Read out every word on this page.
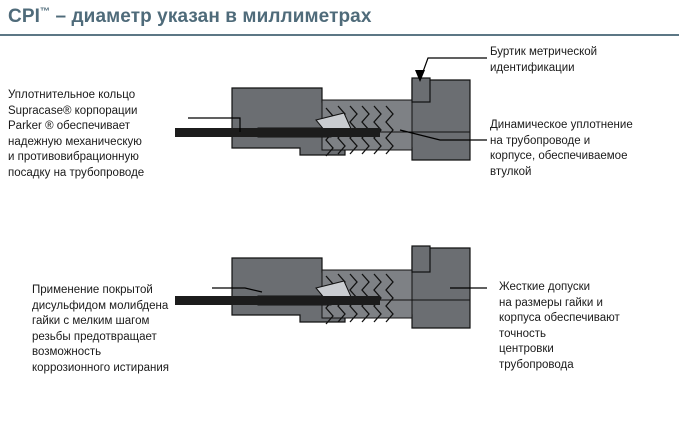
CPI™ – диаметр указан в миллиметрах
Уплотнительное кольцо
Supracase® корпорации
Parker ® обеспечивает
надежную механическую
и противовибрационную
посадку на трубопроводе
Буртик метрической
идентификации
Динамическое уплотнение
на трубопроводе и
корпусе, обеспечиваемое
втулкой
Применение покрытой
дисульфидом молибдена
гайки с мелким шагом
резьбы предотвращает
возможность
коррозионного истирания
Жесткие допуски
на размеры гайки и
корпуса обеспечивают
точность
центровки
трубопровода
